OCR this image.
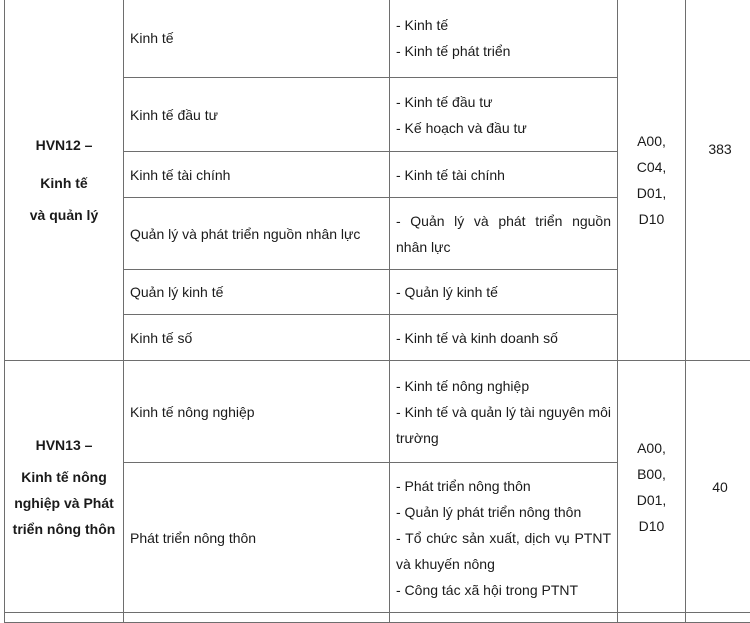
HVN12 –
Kinh tế
và quản lý	Kinh tế	- Kinh tế
- Kinh tế phát triển	A00,
C04,
D01,
D10	383

	Kinh tế đầu tư	- Kinh tế đầu tư
- Kế hoạch và đầu tư		

	Kinh tế tài chính	- Kinh tế tài chính		

	Quản lý và phát triển nguồn nhân lực	- Quản lý và phát triển nguồn nhân lực		

	Quản lý kinh tế	- Quản lý kinh tế		

	Kinh tế số	- Kinh tế và kinh doanh số		

HVN13 –
Kinh tế nông
nghiệp và Phát
triển nông thôn	Kinh tế nông nghiệp	- Kinh tế nông nghiệp
- Kinh tế và quản lý tài nguyên môi trường	A00,
B00,
D01,
D10	40

	Phát triển nông thôn	- Phát triển nông thôn
- Quản lý phát triển nông thôn
- Tổ chức sản xuất, dịch vụ PTNT và khuyến nông
- Công tác xã hội trong PTNT		
